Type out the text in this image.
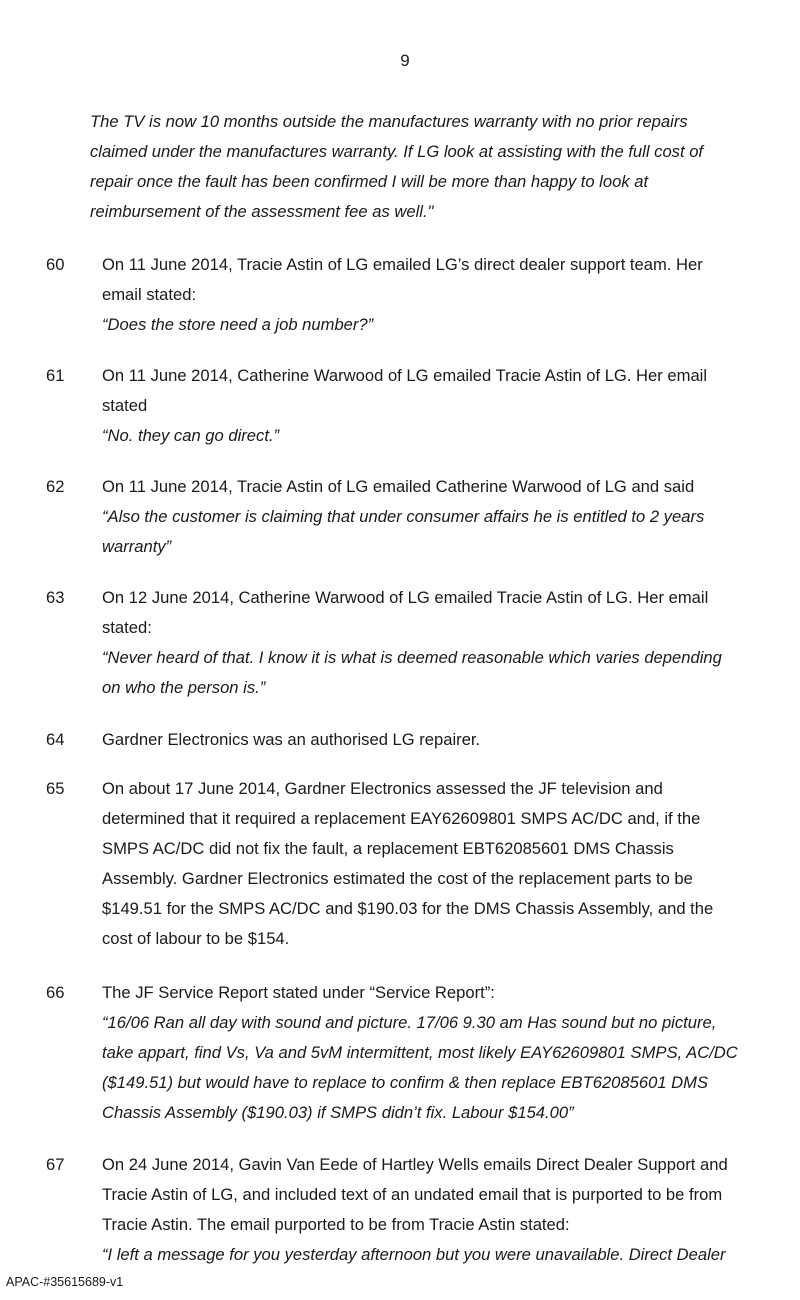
9
The TV is now 10 months outside the manufactures warranty with no prior repairs
claimed under the manufactures warranty. If LG look at assisting with the full cost of
repair once the fault has been confirmed I will be more than happy to look at
reimbursement of the assessment fee as well."
60	On 11 June 2014, Tracie Astin of LG emailed LG’s direct dealer support team. Her

email stated:

“Does the store need a job number?”

61	On 11 June 2014, Catherine Warwood of LG emailed Tracie Astin of LG. Her email

stated

“No. they can go direct.”

62	On 11 June 2014, Tracie Astin of LG emailed Catherine Warwood of LG and said

“Also the customer is claiming that under consumer affairs he is entitled to 2 years

warranty”

63	On 12 June 2014, Catherine Warwood of LG emailed Tracie Astin of LG. Her email

stated:

“Never heard of that. I know it is what is deemed reasonable which varies depending

on who the person is.”

64	Gardner Electronics was an authorised LG repairer.

65	On about 17 June 2014, Gardner Electronics assessed the JF television and

determined that it required a replacement EAY62609801 SMPS AC/DC and, if the

SMPS AC/DC did not fix the fault, a replacement EBT62085601 DMS Chassis

Assembly. Gardner Electronics estimated the cost of the replacement parts to be

$149.51 for the SMPS AC/DC and $190.03 for the DMS Chassis Assembly, and the

cost of labour to be $154.

66	The JF Service Report stated under “Service Report”:

“16/06 Ran all day with sound and picture. 17/06 9.30 am Has sound but no picture,

take appart, find Vs, Va and 5vM intermittent, most likely EAY62609801 SMPS, AC/DC

($149.51) but would have to replace to confirm & then replace EBT62085601 DMS

Chassis Assembly ($190.03) if SMPS didn’t fix. Labour $154.00”

67	On 24 June 2014, Gavin Van Eede of Hartley Wells emails Direct Dealer Support and

Tracie Astin of LG, and included text of an undated email that is purported to be from

Tracie Astin. The email purported to be from Tracie Astin stated:

“I left a message for you yesterday afternoon but you were unavailable. Direct Dealer

APAC-#35615689-v1
